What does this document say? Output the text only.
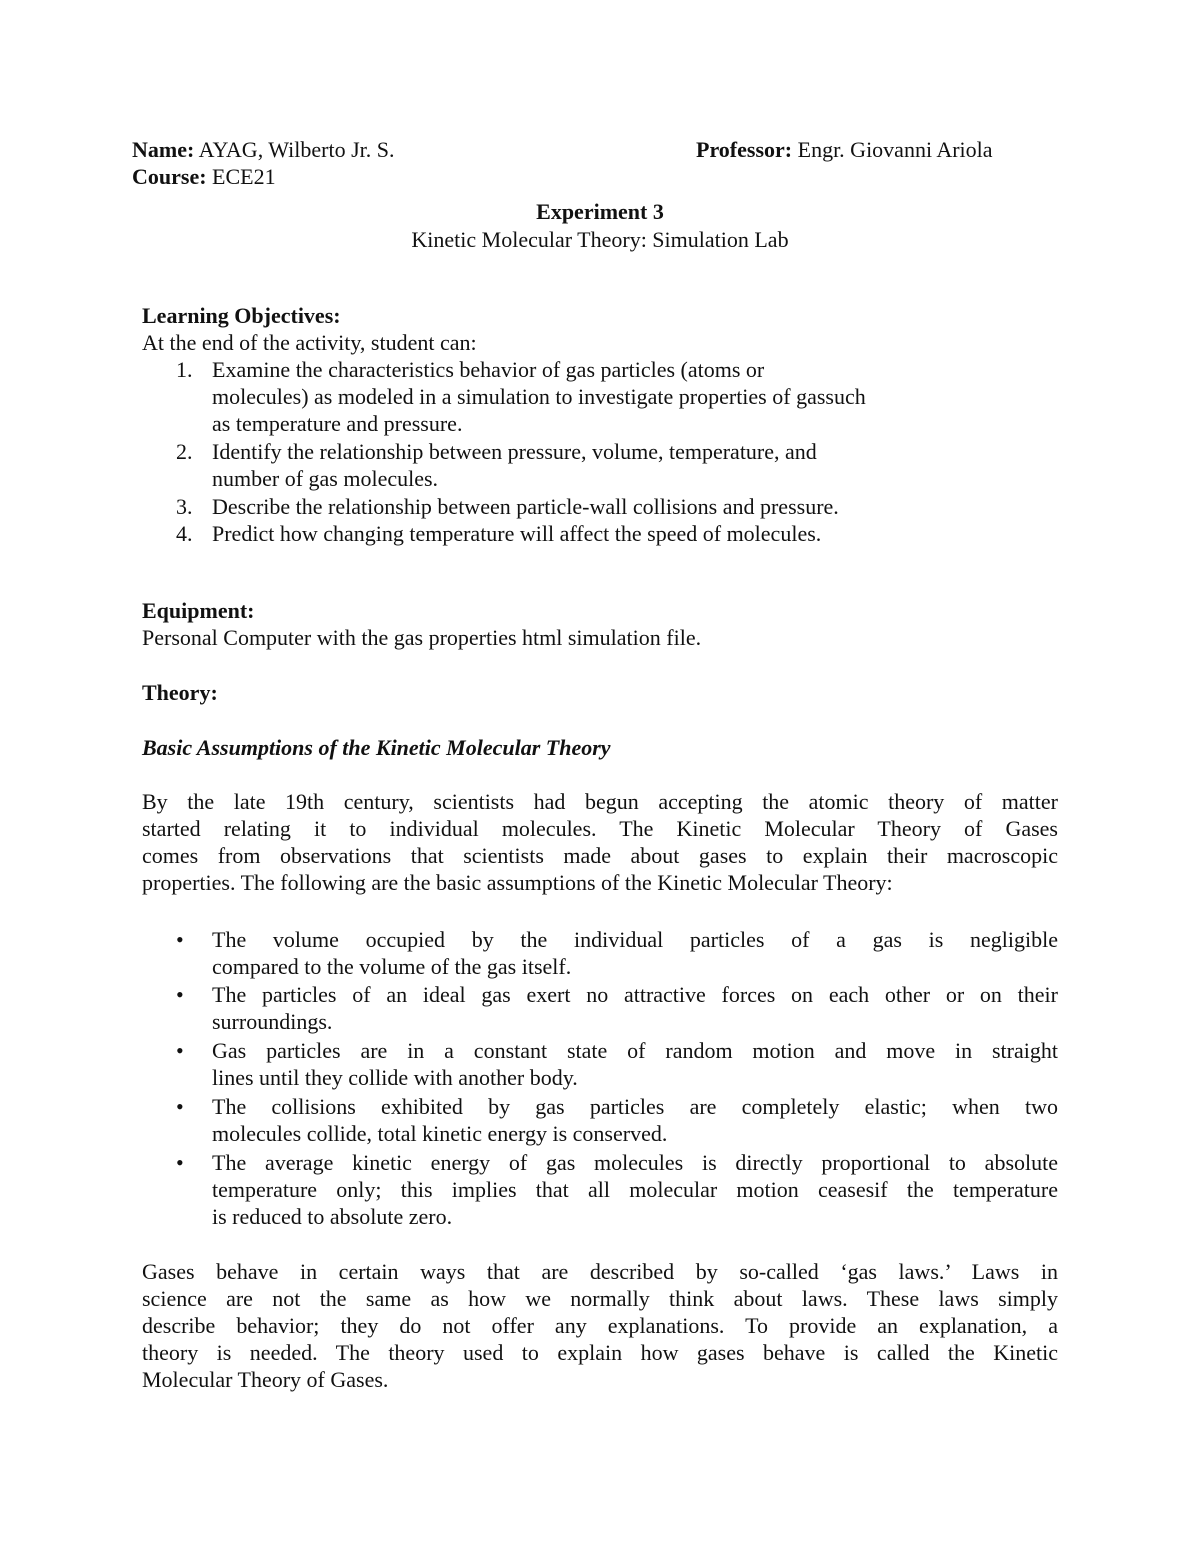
Name: AYAG, Wilberto Jr. S.	Professor: Engr. Giovanni Ariola
Course: ECE21
Experiment 3
Kinetic Molecular Theory: Simulation Lab
Learning Objectives:
At the end of the activity, student can:
1. Examine the characteristics behavior of gas particles (atoms or
molecules) as modeled in a simulation to investigate properties of gassuch
as temperature and pressure.
2. Identify the relationship between pressure, volume, temperature, and
number of gas molecules.
3. Describe the relationship between particle-wall collisions and pressure.
4. Predict how changing temperature will affect the speed of molecules.
Equipment:
Personal Computer with the gas properties html simulation file.
Theory:
Basic Assumptions of the Kinetic Molecular Theory
By the late 19th century, scientists had begun accepting the atomic theory of matter
started relating it to individual molecules. The Kinetic Molecular Theory of Gases
comes from observations that scientists made about gases to explain their macroscopic
properties. The following are the basic assumptions of the Kinetic Molecular Theory:
•	The volume occupied by the individual particles of a gas is negligible
compared to the volume of the gas itself.
•	The particles of an ideal gas exert no attractive forces on each other or on their
surroundings.
•	Gas particles are in a constant state of random motion and move in straight
lines until they collide with another body.
•	The collisions exhibited by gas particles are completely elastic; when two
molecules collide, total kinetic energy is conserved.
•	The average kinetic energy of gas molecules is directly proportional to absolute
temperature only; this implies that all molecular motion ceasesif the temperature
is reduced to absolute zero.
Gases behave in certain ways that are described by so-called ‘gas laws.’ Laws in
science are not the same as how we normally think about laws. These laws simply
describe behavior; they do not offer any explanations. To provide an explanation, a
theory is needed. The theory used to explain how gases behave is called the Kinetic
Molecular Theory of Gases.
